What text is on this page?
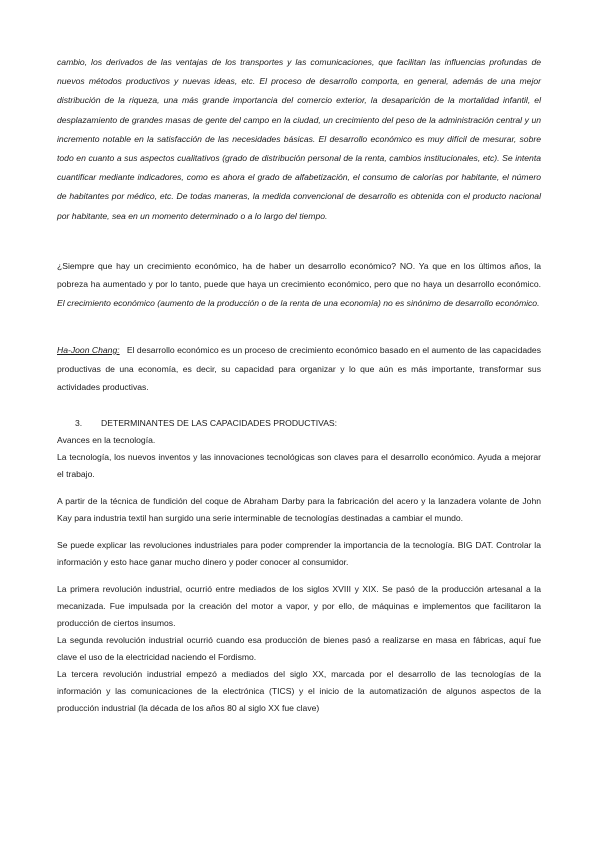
cambio, los derivados de las ventajas de los transportes y las comunicaciones, que facilitan las influencias profundas de nuevos métodos productivos y nuevas ideas, etc. El proceso de desarrollo comporta, en general, además de una mejor distribución de la riqueza, una más grande importancia del comercio exterior, la desaparición de la mortalidad infantil, el desplazamiento de grandes masas de gente del campo en la ciudad, un crecimiento del peso de la administración central y un incremento notable en la satisfacción de las necesidades básicas. El desarrollo económico es muy difícil de mesurar, sobre todo en cuanto a sus aspectos cualitativos (grado de distribución personal de la renta, cambios institucionales, etc). Se intenta cuantificar mediante indicadores, como es ahora el grado de alfabetización, el consumo de calorías por habitante, el número de habitantes por médico, etc. De todas maneras, la medida convencional de desarrollo es obtenida con el producto nacional por habitante, sea en un momento determinado o a lo largo del tiempo.
¿Siempre que hay un crecimiento económico, ha de haber un desarrollo económico? NO. Ya que en los últimos años, la pobreza ha aumentado y por lo tanto, puede que haya un crecimiento económico, pero que no haya un desarrollo económico. El crecimiento económico (aumento de la producción o de la renta de una economía) no es sinónimo de desarrollo económico.
Ha-Joon Chang: El desarrollo económico es un proceso de crecimiento económico basado en el aumento de las capacidades productivas de una economía, es decir, su capacidad para organizar y lo que aún es más importante, transformar sus actividades productivas.

3. DETERMINANTES DE LAS CAPACIDADES PRODUCTIVAS:

Avances en la tecnología.

La tecnología, los nuevos inventos y las innovaciones tecnológicas son claves para el desarrollo económico. Ayuda a mejorar el trabajo.

A partir de la técnica de fundición del coque de Abraham Darby para la fabricación del acero y la lanzadera volante de John Kay para industria textil han surgido una serie interminable de tecnologías destinadas a cambiar el mundo.

Se puede explicar las revoluciones industriales para poder comprender la importancia de la tecnología. BIG DAT. Controlar la información y esto hace ganar mucho dinero y poder conocer al consumidor.

La primera revolución industrial, ocurrió entre mediados de los siglos XVIII y XIX. Se pasó de la producción artesanal a la mecanizada. Fue impulsada por la creación del motor a vapor, y por ello, de máquinas e implementos que facilitaron la producción de ciertos insumos.

La segunda revolución industrial ocurrió cuando esa producción de bienes pasó a realizarse en masa en fábricas, aquí fue clave el uso de la electricidad naciendo el Fordismo.

La tercera revolución industrial empezó a mediados del siglo XX, marcada por el desarrollo de las tecnologías de la información y las comunicaciones de la electrónica (TICS) y el inicio de la automatización de algunos aspectos de la producción industrial (la década de los años 80 al siglo XX fue clave)
